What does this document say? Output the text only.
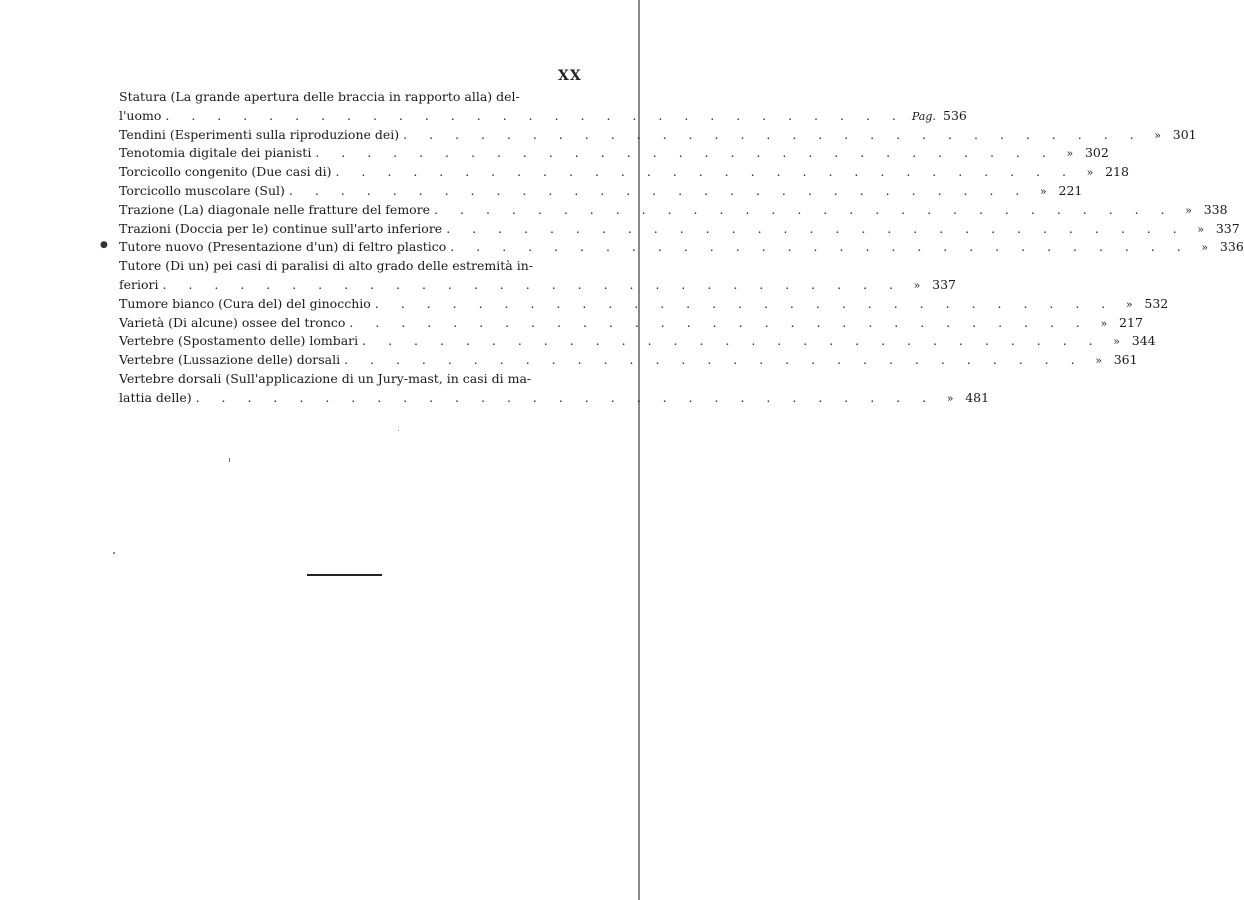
XX
●
Statura (La grande apertura delle braccia in rapporto alla) del-
l'uomo . . . . . . . . . . . . . . . . . . . . . . . . . . . . . Pag. 536
Tendini (Esperimenti sulla riproduzione dei) . . . . . . . . . . . . . . . . . . . . . . . . . . . . .	» 301
Tenotomia digitale dei pianisti . . . . . . . . . . . . . . . . . . . . . . . . . . . . .	» 302
Torcicollo congenito (Due casi di) . . . . . . . . . . . . . . . . . . . . . . . . . . . . .	» 218
Torcicollo muscolare (Sul) . . . . . . . . . . . . . . . . . . . . . . . . . . . . .	» 221
Trazione (La) diagonale nelle fratture del femore . . . . . . . . . . . . . . . . . . . . . . . . . . . . .	» 338
Trazioni (Doccia per le) continue sull'arto inferiore . . . . . . . . . . . . . . . . . . . . . . . . . . . . .	» 337
Tutore nuovo (Presentazione d'un) di feltro plastico . . . . . . . . . . . . . . . . . . . . . . . . . . . . .	» 336
Tutore (Di un) pei casi di paralisi di alto grado delle estremità in-
feriori . . . . . . . . . . . . . . . . . . . . . . . . . . . . .	» 337
Tumore bianco (Cura del) del ginocchio . . . . . . . . . . . . . . . . . . . . . . . . . . . . .	» 532
Varietà (Di alcune) ossee del tronco . . . . . . . . . . . . . . . . . . . . . . . . . . . . .	» 217
Vertebre (Spostamento delle) lombari . . . . . . . . . . . . . . . . . . . . . . . . . . . . .	» 344
Vertebre (Lussazione delle) dorsali . . . . . . . . . . . . . . . . . . . . . . . . . . . . .	» 361
Vertebre dorsali (Sull'applicazione di un Jury-mast, in casi di ma-
lattia delle) . . . . . . . . . . . . . . . . . . . . . . . . . . . . .	» 481
